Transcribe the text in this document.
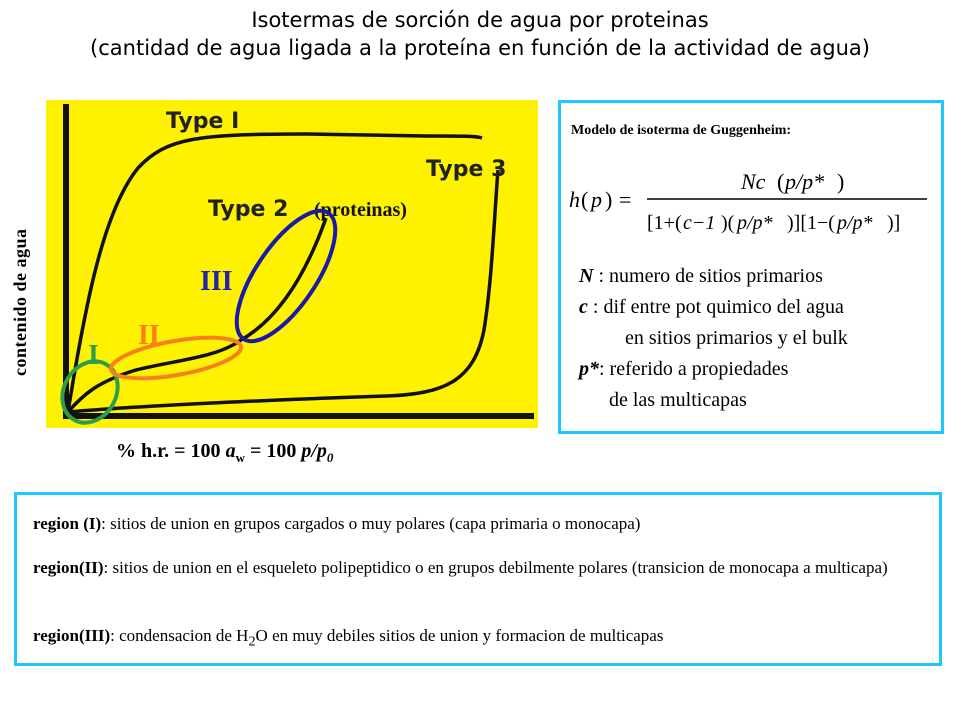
Isotermas de sorción de agua por proteinas
(cantidad de agua ligada a la proteína en función de la actividad de agua)
Type I
Type 3
Type 2 (proteinas)
I
II
III
contenido de agua
% h.r. = 100 $a_w = 100$ $p/p_0$
Modelo de isoterma de Guggenheim:
h ( p ) =
Nc ( p/p* )
[1+( c−1 )( p/p* )][1−( p/p* )]
N : numero de sitios primarios
c : dif entre pot quimico del agua
en sitios primarios y el bulk
p*: referido a propiedades
de las multicapas
region (I): sitios de union en grupos cargados o muy polares (capa primaria o monocapa)
region(II): sitios de union en el esqueleto polipeptidico o en grupos debilmente polares (transicion de monocapa a multicapa)
region(III): condensacion de $H_2O$ en muy debiles sitios de union y formacion de multicapas
